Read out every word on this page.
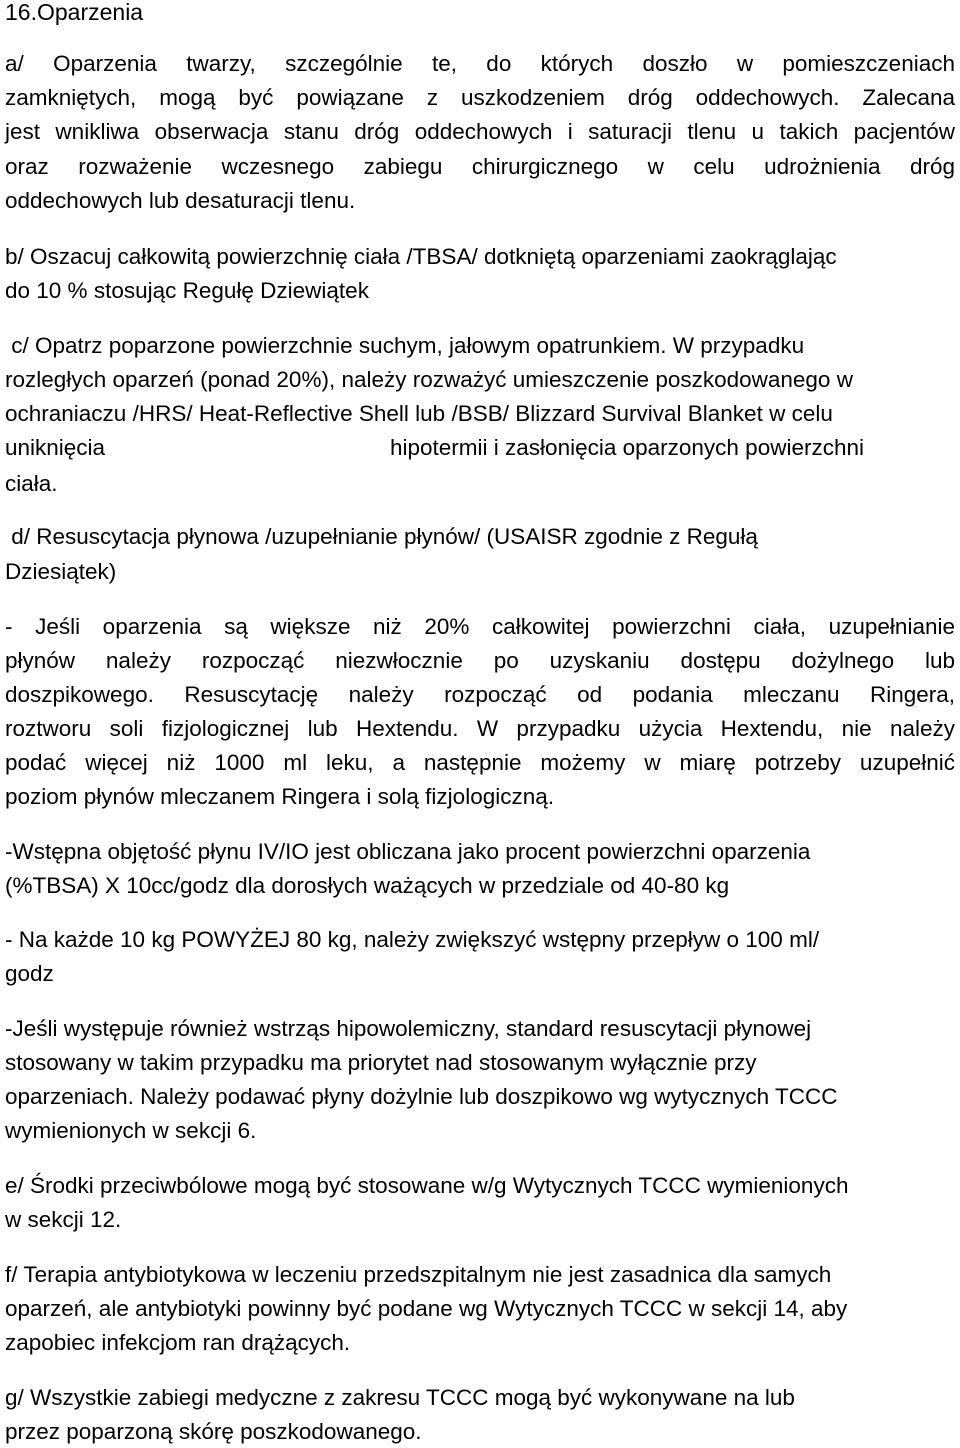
16.Oparzenia
a/ Oparzenia twarzy, szczególnie te, do których doszło w pomieszczeniach
zamkniętych, mogą być powiązane z uszkodzeniem dróg oddechowych. Zalecana
jest wnikliwa obserwacja stanu dróg oddechowych i saturacji tlenu u takich pacjentów
oraz rozważenie wczesnego zabiegu chirurgicznego w celu udrożnienia dróg
oddechowych lub desaturacji tlenu.
b/ Oszacuj całkowitą powierzchnię ciała /TBSA/ dotkniętą oparzeniami zaokrąglając
do 10 % stosując Regułę Dziewiątek
c/ Opatrz poparzone powierzchnie suchym, jałowym opatrunkiem. W przypadku
rozległych oparzeń (ponad 20%), należy rozważyć umieszczenie poszkodowanego w
ochraniaczu /HRS/ Heat-Reflective Shell lub /BSB/ Blizzard Survival Blanket w celu
uniknięcia	hipotermii i zasłonięcia oparzonych powierzchni
ciała.
d/ Resuscytacja płynowa /uzupełnianie płynów/ (USAISR zgodnie z Regułą
Dziesiątek)
- Jeśli oparzenia są większe niż 20% całkowitej powierzchni ciała, uzupełnianie
płynów należy rozpocząć niezwłocznie po uzyskaniu dostępu dożylnego lub
doszpikowego. Resuscytację należy rozpocząć od podania mleczanu Ringera,
roztworu soli fizjologicznej lub Hextendu. W przypadku użycia Hextendu, nie należy
podać więcej niż 1000 ml leku, a następnie możemy w miarę potrzeby uzupełnić
poziom płynów mleczanem Ringera i solą fizjologiczną.
-Wstępna objętość płynu IV/IO jest obliczana jako procent powierzchni oparzenia
(%TBSA) X 10cc/godz dla dorosłych ważących w przedziale od 40-80 kg
- Na każde 10 kg POWYŻEJ 80 kg, należy zwiększyć wstępny przepływ o 100 ml/
godz
-Jeśli występuje również wstrząs hipowolemiczny, standard resuscytacji płynowej
stosowany w takim przypadku ma priorytet nad stosowanym wyłącznie przy
oparzeniach. Należy podawać płyny dożylnie lub doszpikowo wg wytycznych TCCC
wymienionych w sekcji 6.
e/ Środki przeciwbólowe mogą być stosowane w/g Wytycznych TCCC wymienionych
w sekcji 12.
f/ Terapia antybiotykowa w leczeniu przedszpitalnym nie jest zasadnica dla samych
oparzeń, ale antybiotyki powinny być podane wg Wytycznych TCCC w sekcji 14, aby
zapobiec infekcjom ran drążących.
g/ Wszystkie zabiegi medyczne z zakresu TCCC mogą być wykonywane na lub
przez poparzoną skórę poszkodowanego.
